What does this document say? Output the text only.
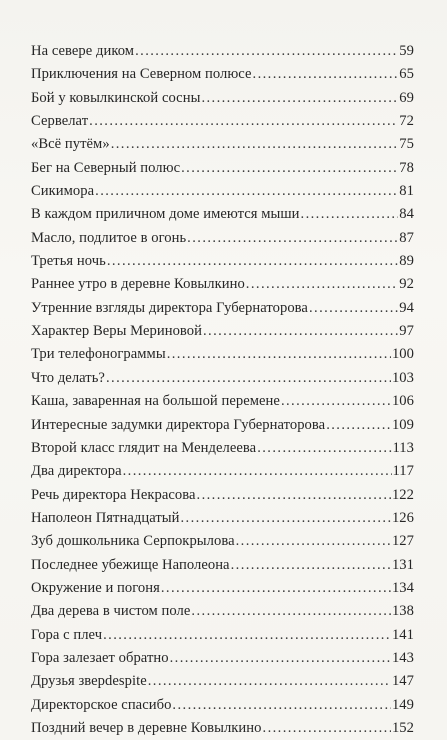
На севере диком .....	59
Приключения на Северном полюсе .....	65
Бой у ковылкинской сосны .....	69
Сервелат .....	72
«Всё путём» .....	75
Бег на Северный полюс .....	78
Сикимора .....	81
В каждом приличном доме имеются мыши .....	84
Масло, подлитое в огонь .....	87
Третья ночь .....	89
Раннее утро в деревне Ковылкино .....	92
Утренние взгляды директора Губернаторова .....	94
Характер Веры Мериновой .....	97
Три телефонограммы .....	100
Что делать? .....	103
Каша, заваренная на большой перемене .....	106
Интересные задумки директора Губернаторова .....	109
Второй класс глядит на Менделеева .....	113
Два директора .....	117
Речь директора Некрасова .....	122
Наполеон Пятнадцатый .....	126
Зуб дошкольника Серпокрылова .....	127
Последнее убежище Наполеона .....	131
Окружение и погоня .....	134
Два дерева в чистом поле .....	138
Гора с плеч .....	141
Гора залезает обратно .....	143
Друзья зверdespite .....	147
Директорское спасибо .....	149
Поздний вечер в деревне Ковылкино .....	152
